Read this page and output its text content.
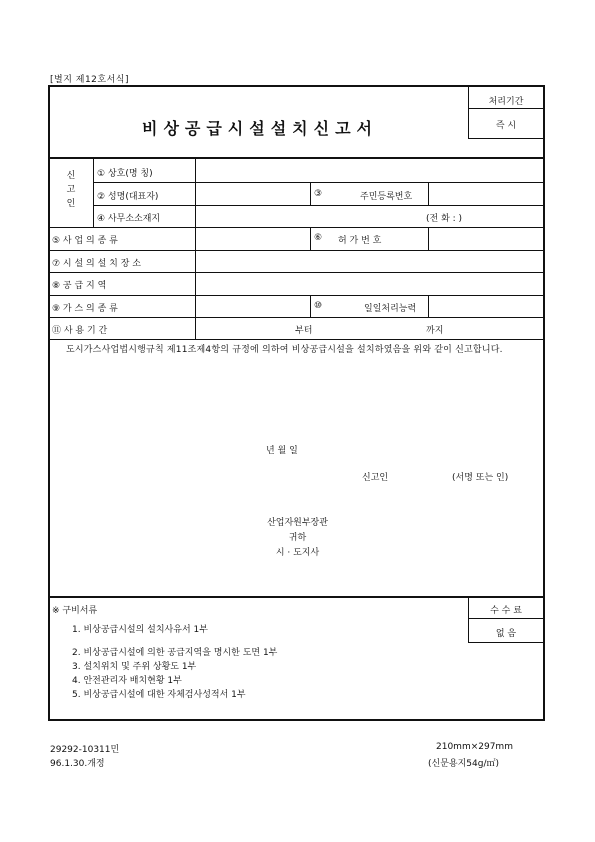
[별지 제12호서식]
비상공급시설설치신고서
처리기간
즉 시
신
고
인
① 상호(명 칭)
② 성명(대표자)	③	주민등록번호
④ 사무소소재지	(전 화 : )
⑤ 사 업 의 종 류	⑥ 허 가 번 호
⑦ 시 설 의 설 치 장 소
⑧ 공 급 지 역
⑨ 가 스 의 종 류	⑩	일일처리능력
⑪ 사 용 기 간	부터	까지
도시가스사업법시행규칙 제11조제4항의 규정에 의하여 비상공급시설을 설치하였음을 위와 같이 신고합니다.
년 월 일
신고인	(서명 또는 인)
산업자원부장관
귀하
시 · 도지사
수 수 료
없 음
※ 구비서류
1. 비상공급시설의 설치사유서 1부
2. 비상공급시설에 의한 공급지역을 명시한 도면 1부
3. 설치위치 및 주위 상황도 1부
4. 안전관리자 배치현황 1부
5. 비상공급시설에 대한 자체검사성적서 1부
29292-10311민
96.1.30.개정
210mm×297mm
(신문용지54g/㎡)
